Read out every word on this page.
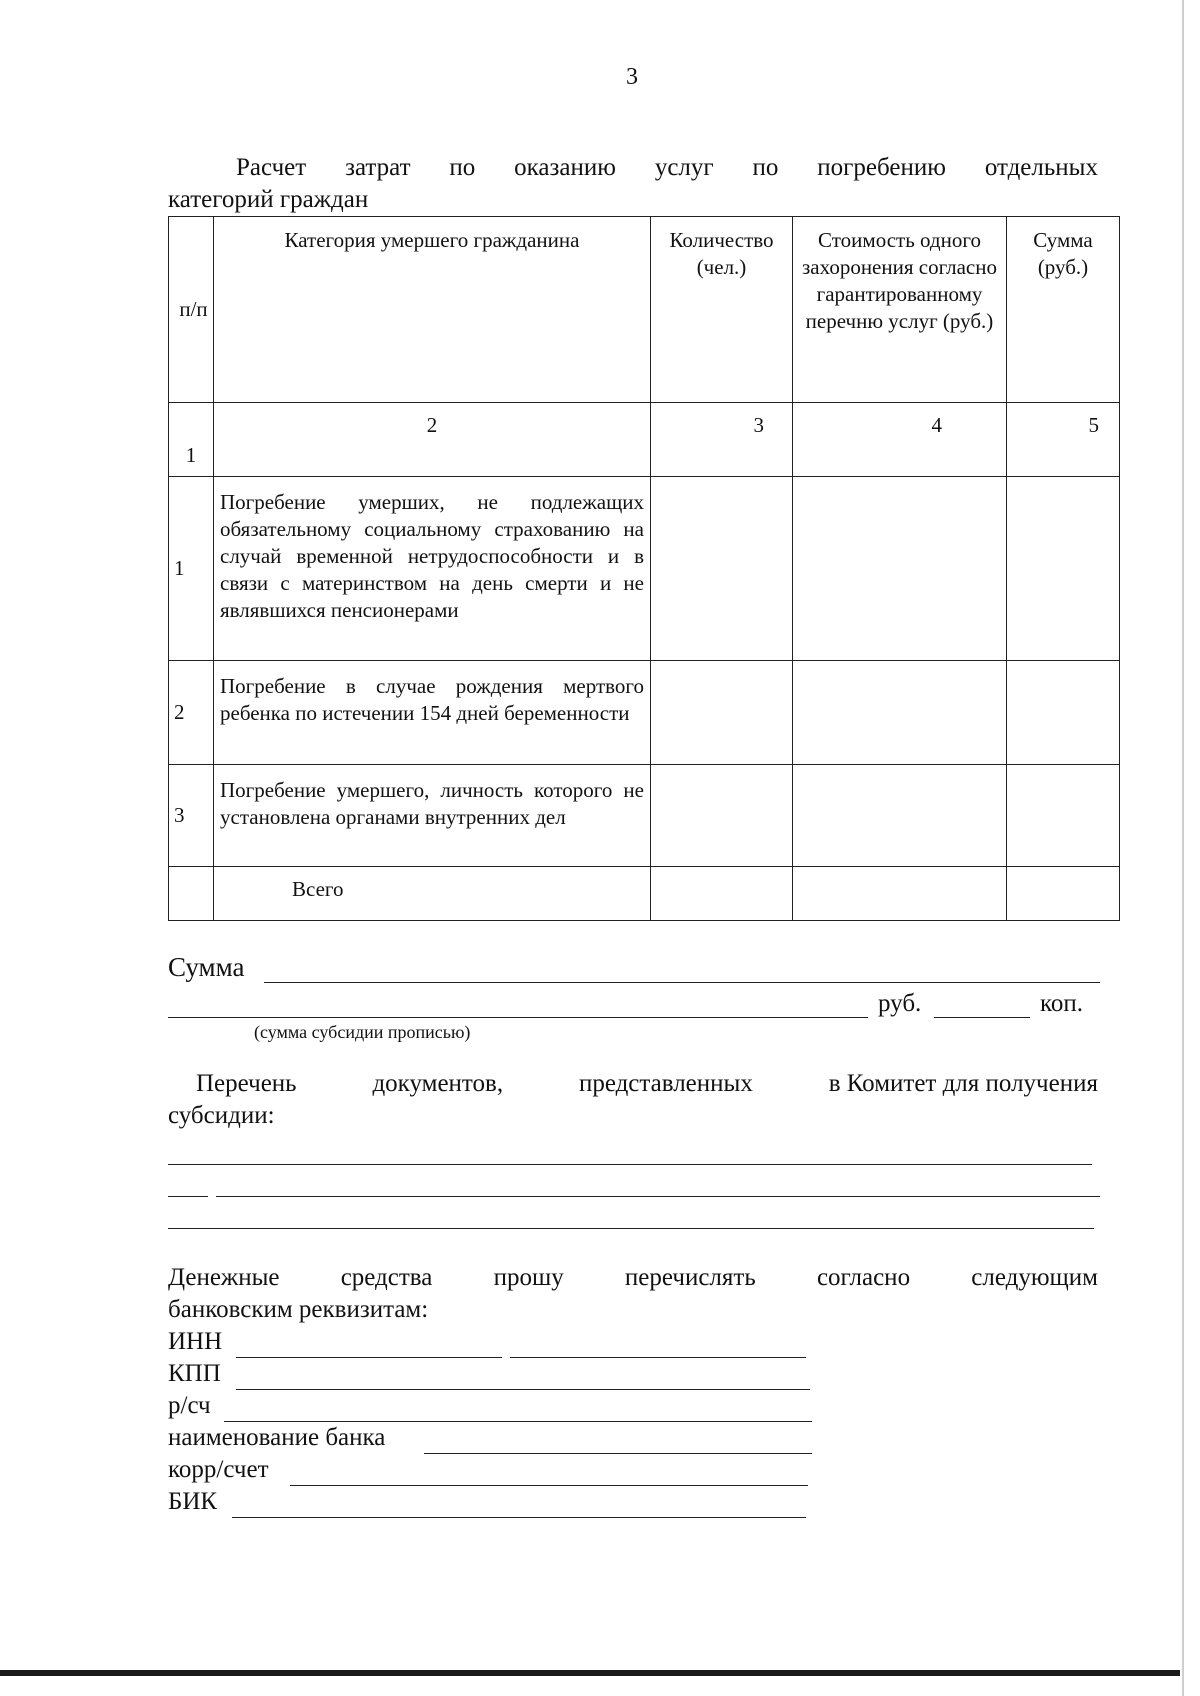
3
Расчет затрат по оказанию услуг по погребению отдельных
категорий граждан
п/п	Категория умершего гражданина	Количество (чел.)	Стоимость одного захоронения согласно гарантированному перечню услуг (руб.)	Сумма (руб.)
1	2	3	4	5
1	Погребение умерших, не подлежащих обязательному социальному страхованию на случай временной нетрудоспособности и в связи с материнством на день смерти и не являвшихся пенсионерами			
2	Погребение в случае рождения мертвого ребенка по истечении 154 дней беременности			
3	Погребение умершего, личность которого не установлена органами внутренних дел			
	Всего			
Сумма
руб.	коп.
(сумма субсидии прописью)
Перечень	документов,	представленных	в Комитет для получения
субсидии:
Денежные средства прошу перечислять согласно следующим
банковским реквизитам:
ИНН
КПП
р/сч
наименование банка
корр/счет
БИК
